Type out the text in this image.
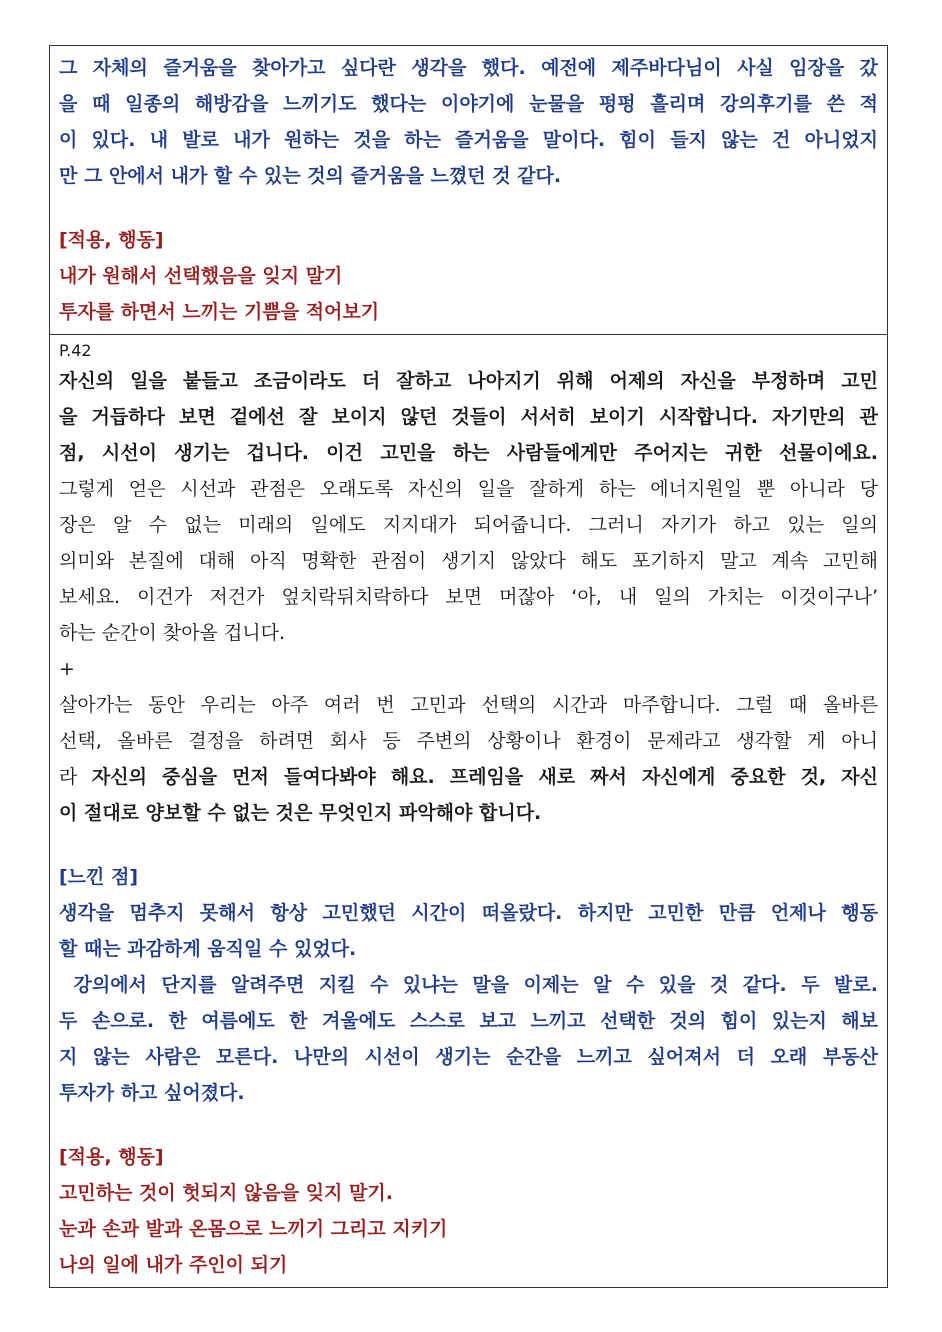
그 자체의 즐거움을 찾아가고 싶다란 생각을 했다. 예전에 제주바다님이 사실 임장을 갔
을 때 일종의 해방감을 느끼기도 했다는 이야기에 눈물을 펑펑 흘리며 강의후기를 쓴 적
이 있다. 내 발로 내가 원하는 것을 하는 즐거움을 말이다. 힘이 들지 않는 건 아니었지
만 그 안에서 내가 할 수 있는 것의 즐거움을 느꼈던 것 같다.
[적용, 행동]
내가 원해서 선택했음을 잊지 말기
투자를 하면서 느끼는 기쁨을 적어보기
P.42
자신의 일을 붙들고 조금이라도 더 잘하고 나아지기 위해 어제의 자신을 부정하며 고민
을 거듭하다 보면 겉에선 잘 보이지 않던 것들이 서서히 보이기 시작합니다. 자기만의 관
점, 시선이 생기는 겁니다. 이건 고민을 하는 사람들에게만 주어지는 귀한 선물이에요.
그렇게 얻은 시선과 관점은 오래도록 자신의 일을 잘하게 하는 에너지원일 뿐 아니라 당
장은 알 수 없는 미래의 일에도 지지대가 되어줍니다. 그러니 자기가 하고 있는 일의
의미와 본질에 대해 아직 명확한 관점이 생기지 않았다 해도 포기하지 말고 계속 고민해
보세요. 이건가 저건가 엎치락뒤치락하다 보면 머잖아 ‘아, 내 일의 가치는 이것이구나’
하는 순간이 찾아올 겁니다.
+
살아가는 동안 우리는 아주 여러 번 고민과 선택의 시간과 마주합니다. 그럴 때 올바른
선택, 올바른 결정을 하려면 회사 등 주변의 상황이나 환경이 문제라고 생각할 게 아니
라 자신의 중심을 먼저 들여다봐야 해요. 프레임을 새로 짜서 자신에게 중요한 것, 자신
이 절대로 양보할 수 없는 것은 무엇인지 파악해야 합니다.
[느낀 점]
생각을 멈추지 못해서 항상 고민했던 시간이 떠올랐다. 하지만 고민한 만큼 언제나 행동
할 때는 과감하게 움직일 수 있었다.
강의에서 단지를 알려주면 지킬 수 있냐는 말을 이제는 알 수 있을 것 같다. 두 발로.
두 손으로. 한 여름에도 한 겨울에도 스스로 보고 느끼고 선택한 것의 힘이 있는지 해보
지 않는 사람은 모른다. 나만의 시선이 생기는 순간을 느끼고 싶어져서 더 오래 부동산
투자가 하고 싶어졌다.
[적용, 행동]
고민하는 것이 헛되지 않음을 잊지 말기.
눈과 손과 발과 온몸으로 느끼기 그리고 지키기
나의 일에 내가 주인이 되기
